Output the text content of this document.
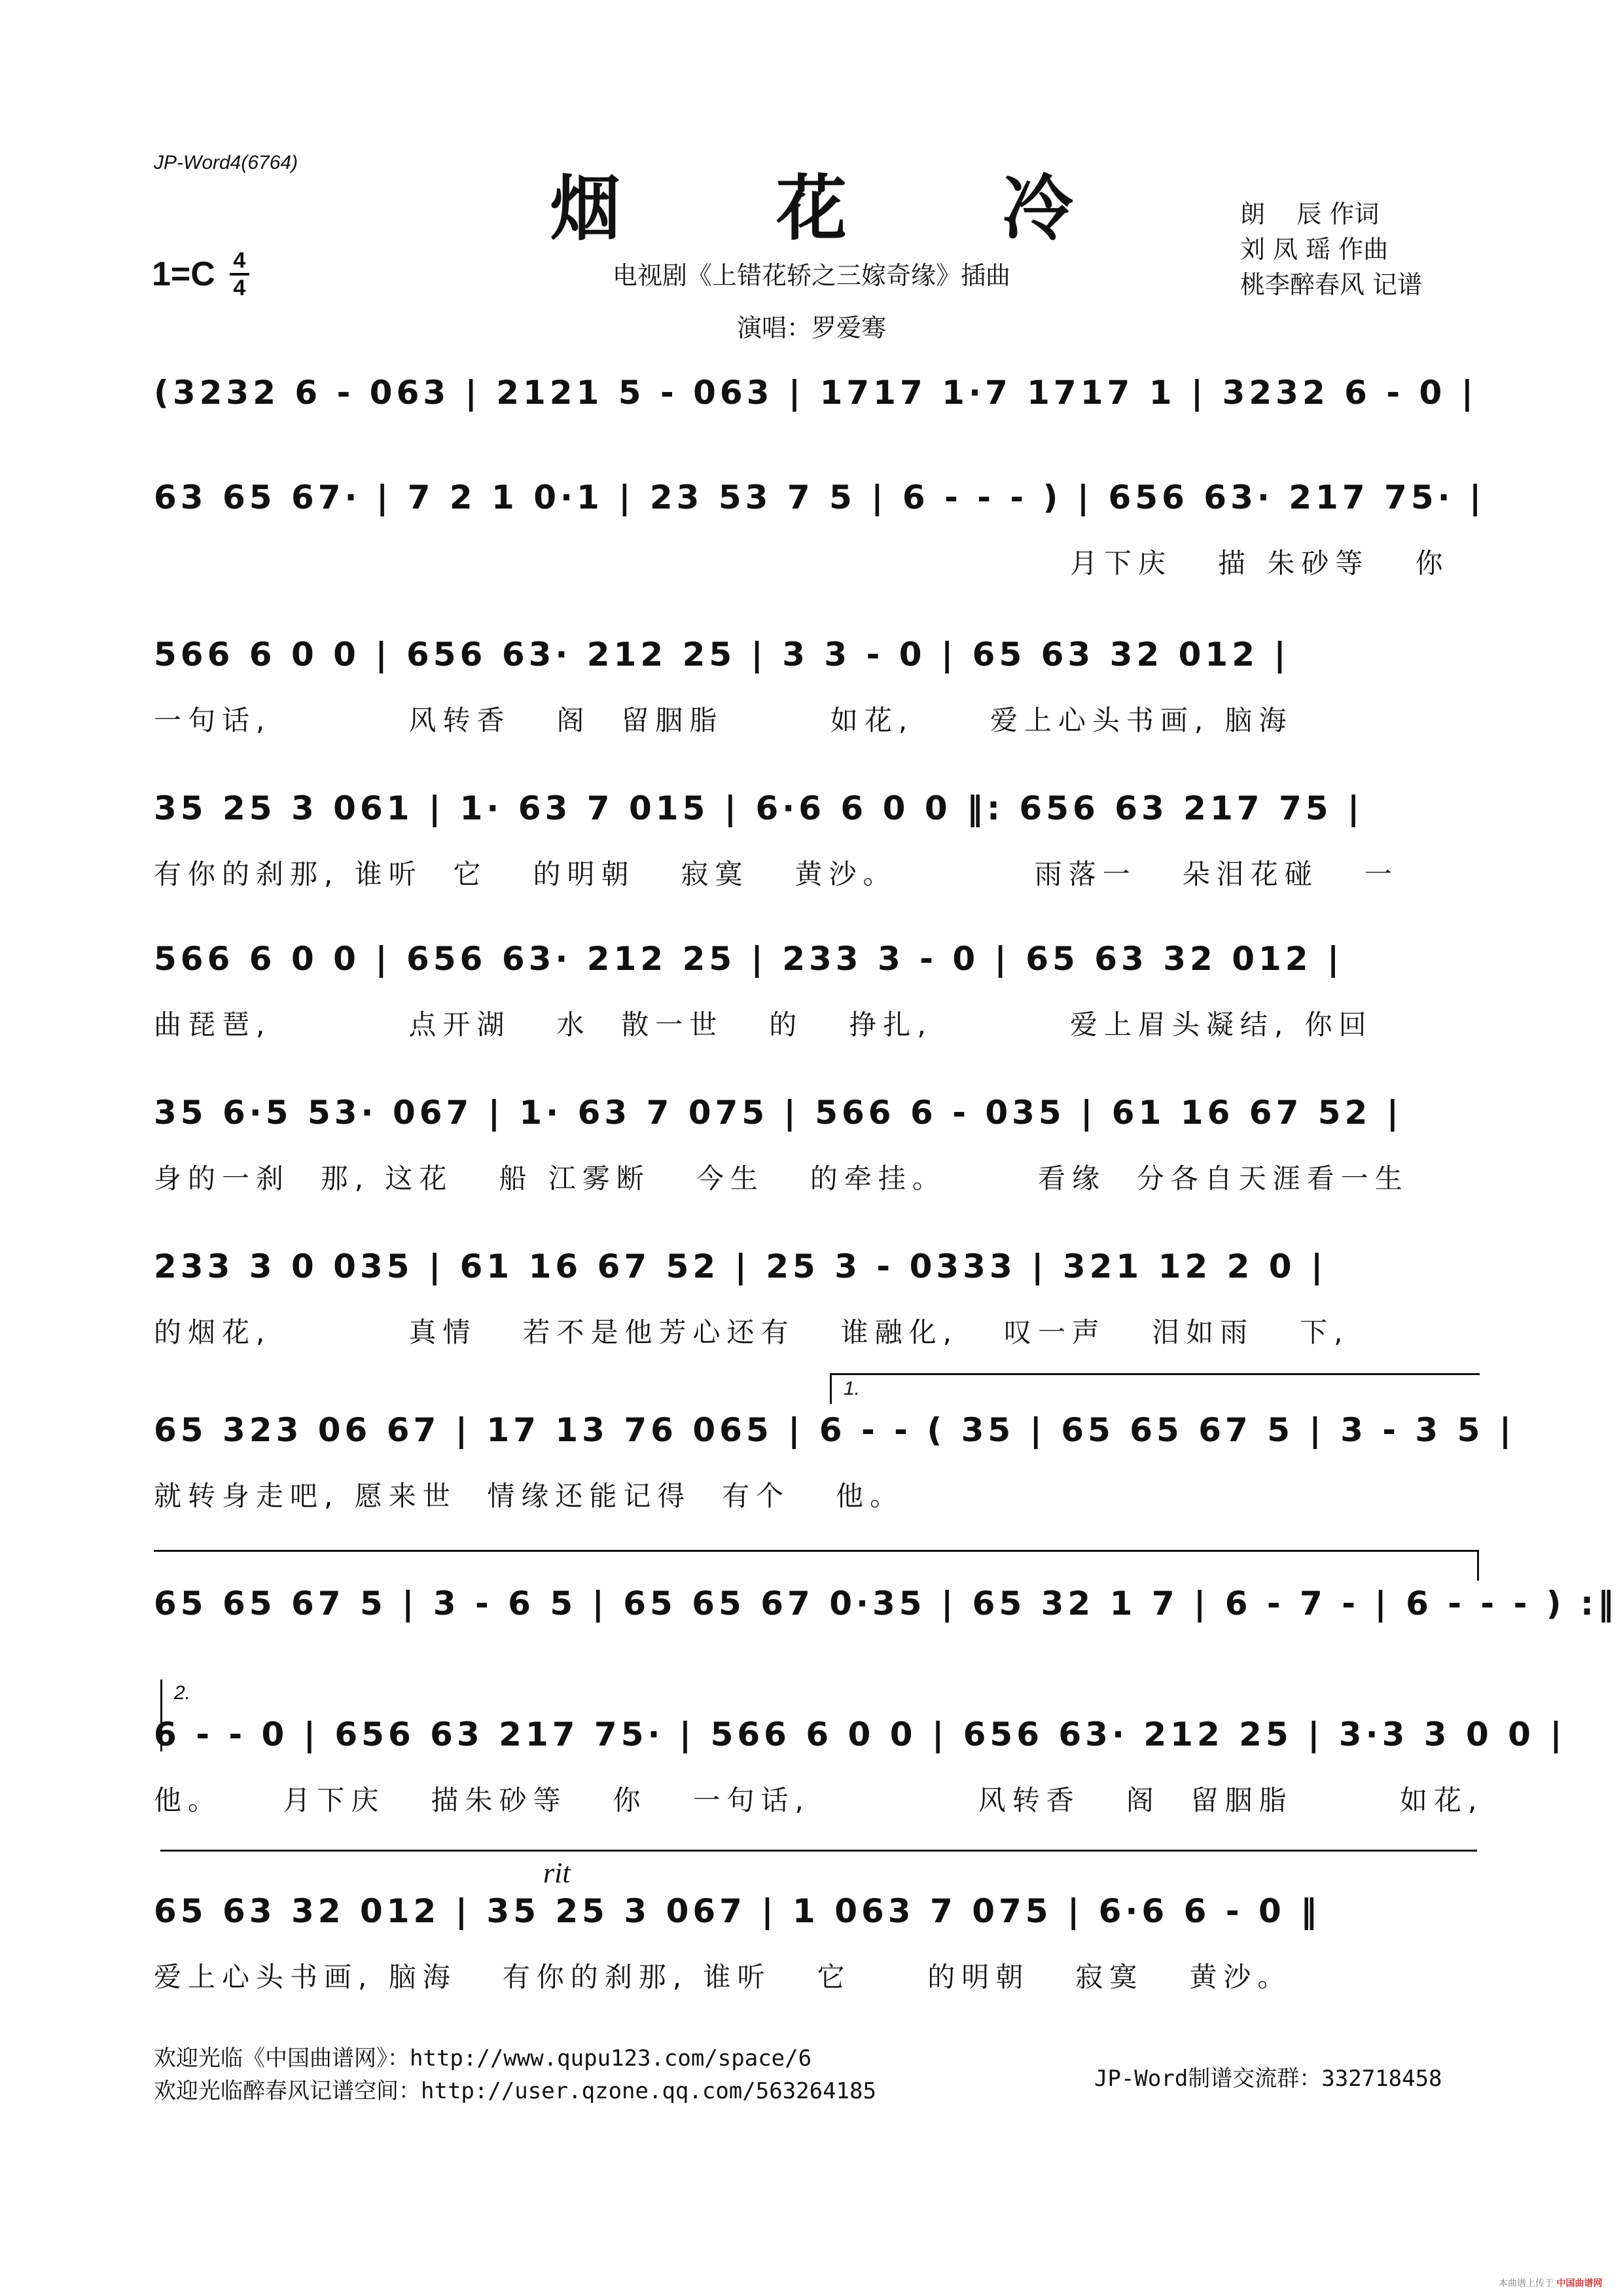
JP-Word4(6764)
烟 花 冷
电视剧《上错花轿之三嫁奇缘》插曲
演唱：罗爱骞
朗    辰 作词
刘 凤 瑶 作曲
桃李醉春风 记谱
1=C 4
4
(3232 6 - 063 | 2121 5 - 063 | 1717 1·7 1717 1 | 3232 6 - 0 |
63 65 67· | 7 2 1 0·1 | 23 53 7 5 | 6 - - - ) | 656 63· 217 75· |
月下庆   描 朱砂等   你
566 6 0 0 | 656 63· 212 25 | 3 3 - 0 | 65 63 32 012 |
一句话,         风转香   阁  留胭脂       如花,     爱上心头书画, 脑海
35 25 3 061 | 1· 63 7 015 | 6·6 6 0 0 ‖: 656 63 217 75 |
有你的刹那, 谁听  它   的明朝   寂寞   黄沙。         雨落一   朵泪花碰   一
566 6 0 0 | 656 63· 212 25 | 233 3 - 0 | 65 63 32 012 |
曲琵琶,         点开湖   水  散一世   的   挣扎,         爱上眉头凝结, 你回
35 6·5 53· 067 | 1· 63 7 075 | 566 6 - 035 | 61 16 67 52 |
身的一刹  那, 这花   船 江雾断   今生   的牵挂。      看缘  分各自天涯看一生
233 3 0 035 | 61 16 67 52 | 25 3 - 0333 | 321 12 2 0 |
的烟花,         真情   若不是他芳心还有   谁融化,   叹一声   泪如雨   下,
1.
65 323 06 67 | 17 13 76 065 | 6 - - ( 35 | 65 65 67 5 | 3 - 3 5 |
就转身走吧, 愿来世  情缘还能记得  有个   他。
65 65 67 5 | 3 - 6 5 | 65 65 67 0·35 | 65 32 1 7 | 6 - 7 - | 6 - - - ) :‖
2.
6 - - 0 | 656 63 217 75· | 566 6 0 0 | 656 63· 212 25 | 3·3 3 0 0 |
他。    月下庆   描朱砂等   你   一句话,           风转香   阁  留胭脂       如花,
rit
65 63 32 012 | 35 25 3 067 | 1 063 7 075 | 6·6 6 - 0 ‖
爱上心头书画, 脑海   有你的刹那, 谁听   它     的明朝   寂寞   黄沙。
欢迎光临《中国曲谱网》：http://www.qupu123.com/space/6
欢迎光临醉春风记谱空间：http://user.qzone.qq.com/563264185	JP-Word制谱交流群：332718458
本曲谱上传于 中国曲谱网
